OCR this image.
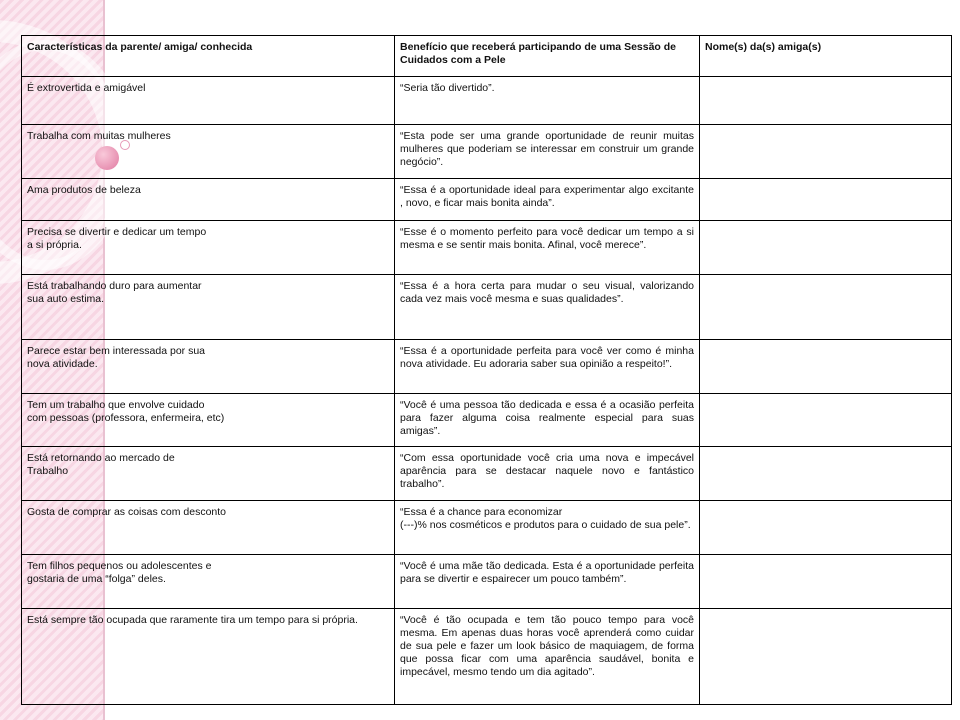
Características da parente/ amiga/ conhecida	Benefício que receberá participando de uma Sessão de Cuidados com a Pele	Nome(s) da(s) amiga(s)
É extrovertida e amigável	“Seria tão divertido”.	
Trabalha com muitas mulheres	“Esta pode ser uma grande oportunidade de reunir muitas mulheres que poderiam se interessar em construir um grande negócio”.	
Ama produtos de beleza	“Essa é a oportunidade ideal para experimentar algo excitante , novo, e ficar mais bonita ainda”.	
Precisa se divertir e dedicar um tempo
a si própria.	“Esse é o momento perfeito para você dedicar um tempo a si mesma e se sentir mais bonita. Afinal, você merece”.	
Está trabalhando duro para aumentar
sua auto estima.	“Essa é a hora certa para mudar o seu visual, valorizando cada vez mais você mesma e suas qualidades”.	
Parece estar bem interessada por sua
nova atividade.	“Essa é a oportunidade perfeita para você ver como é minha nova atividade. Eu adoraria saber sua opinião a respeito!”.	
Tem um trabalho que envolve cuidado
com pessoas (professora, enfermeira, etc)	“Você é uma pessoa tão dedicada e essa é a ocasião perfeita para fazer alguma coisa realmente especial para suas amigas”.	
Está retornando ao mercado de
Trabalho	“Com essa oportunidade você cria uma nova e impecável aparência para se destacar naquele novo e fantástico trabalho”.	
Gosta de comprar as coisas com desconto	“Essa é a chance para economizar
(---)% nos cosméticos e produtos para o cuidado de sua pele”.	
Tem filhos pequenos ou adolescentes e
gostaria de uma “folga” deles.	“Você é uma mãe tão dedicada. Esta é a oportunidade perfeita para se divertir e espairecer um pouco também”.	
Está sempre tão ocupada que raramente tira um tempo para si própria.	“Você é tão ocupada e tem tão pouco tempo para você mesma. Em apenas duas horas você aprenderá como cuidar de sua pele e fazer um look básico de maquiagem, de forma que possa ficar com uma aparência saudável, bonita e impecável, mesmo tendo um dia agitado”.	
